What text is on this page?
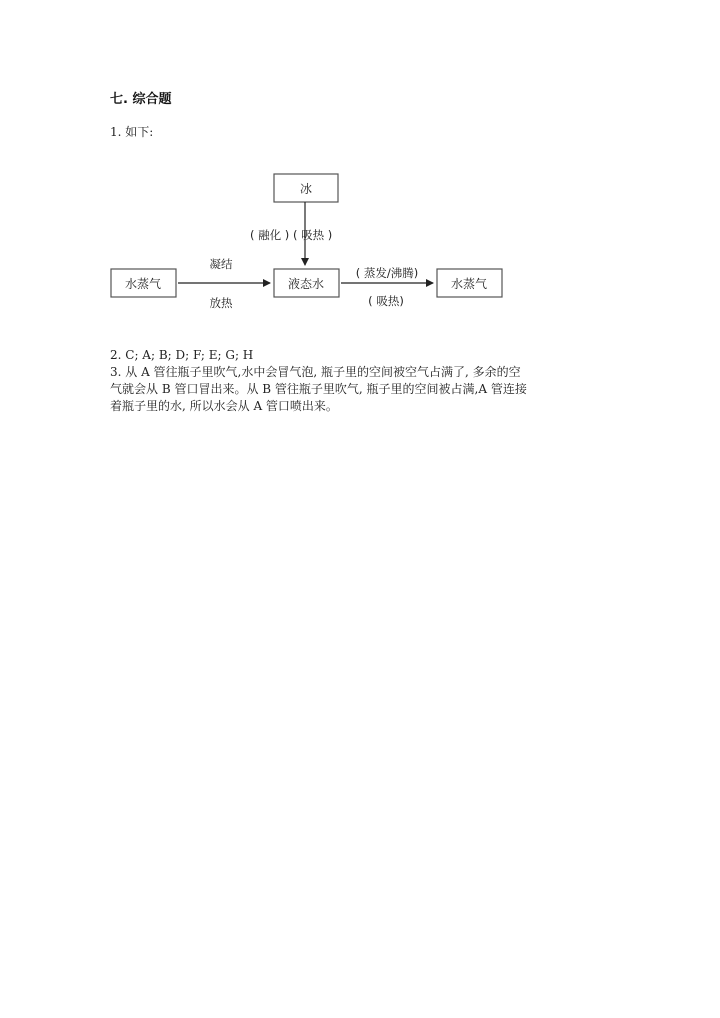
七. 综合题
1. 如下:
冰
( 融化 ) ( 吸热 )
水蒸气
凝结
放热
液态水
( 蒸发/沸腾)
( 吸热)
水蒸气
2. C; A; B; D; F; E; G; H
3. 从 A 管往瓶子里吹气,水中会冒气泡, 瓶子里的空间被空气占满了, 多余的空
气就会从 B 管口冒出来。从 B 管往瓶子里吹气, 瓶子里的空间被占满,A 管连接
着瓶子里的水, 所以水会从 A 管口喷出来。
